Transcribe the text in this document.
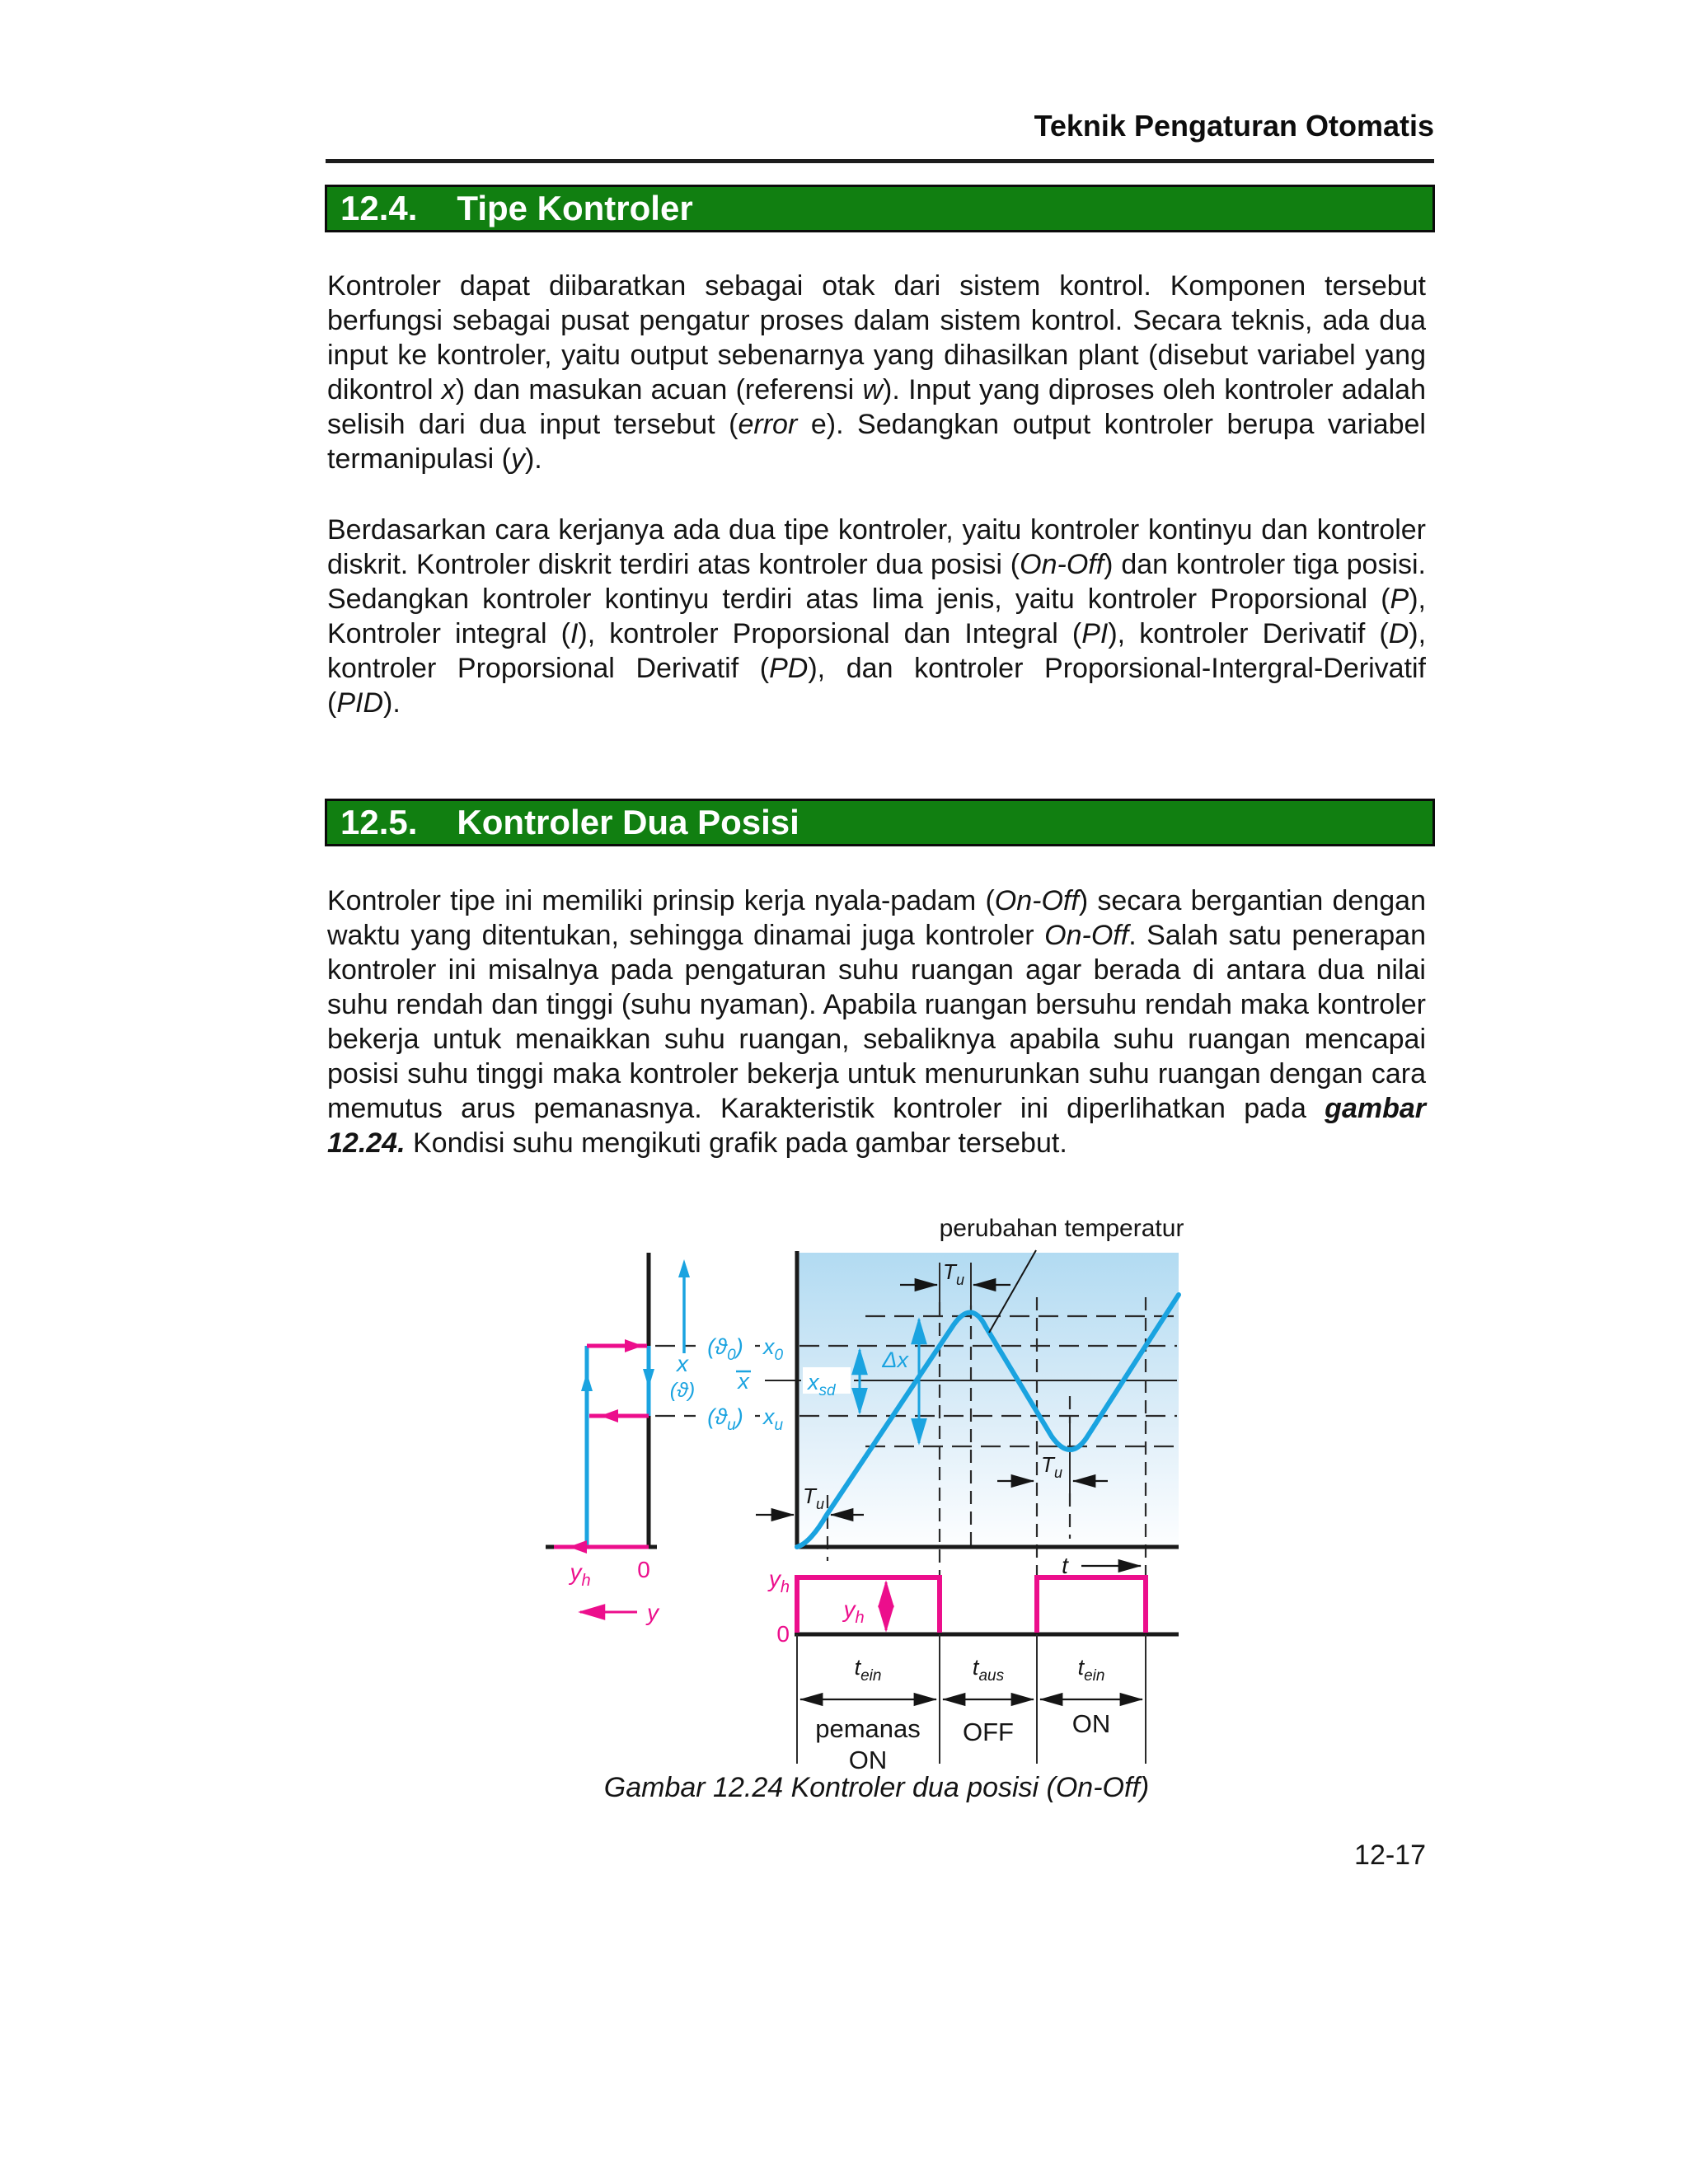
Teknik Pengaturan Otomatis
12.4. Tipe Kontroler

Kontroler dapat diibaratkan sebagai otak dari sistem kontrol. Komponen tersebut berfungsi sebagai pusat pengatur proses dalam sistem kontrol. Secara teknis, ada dua input ke kontroler, yaitu output sebenarnya yang dihasilkan plant (disebut variabel yang dikontrol x) dan masukan acuan (referensi w). Input yang diproses oleh kontroler adalah selisih dari dua input tersebut (error e). Sedangkan output kontroler berupa variabel termanipulasi (y).

Berdasarkan cara kerjanya ada dua tipe kontroler, yaitu kontroler kontinyu dan kontroler diskrit. Kontroler diskrit terdiri atas kontroler dua posisi (On-Off) dan kontroler tiga posisi. Sedangkan kontroler kontinyu terdiri atas lima jenis, yaitu kontroler Proporsional (P), Kontroler integral (I), kontroler Proporsional dan Integral (PI), kontroler Derivatif (D), kontroler Proporsional Derivatif (PD), dan kontroler Proporsional-Intergral-Derivatif (PID).

12.5. Kontroler Dua Posisi

Kontroler tipe ini memiliki prinsip kerja nyala-padam (On-Off) secara bergantian dengan waktu yang ditentukan, sehingga dinamai juga kontroler On-Off. Salah satu penerapan kontroler ini misalnya pada pengaturan suhu ruangan agar berada di antara dua nilai suhu rendah dan tinggi (suhu nyaman). Apabila ruangan bersuhu rendah maka kontroler bekerja untuk menaikkan suhu ruangan, sebaliknya apabila suhu ruangan mencapai posisi suhu tinggi maka kontroler bekerja untuk menurunkan suhu ruangan dengan cara memutus arus pemanasnya. Karakteristik kontroler ini diperlihatkan pada gambar 12.24. Kondisi suhu mengikuti grafik pada gambar tersebut.

perubahan temperatur
x
(ϑ)
$(ϑ_0)$ $x_0$
$(ϑ_u)$ $x_u$
x	$x_{sd}$
Δx
$T_u$
$T_u$
$T_u$
t
$y_h$ 0
y
$y_h$
0
$y_h$
$t_{ein}$	$t_{aus}$	$t_{ein}$
pemanas
ON
OFF ON
Gambar 12.24 Kontroler dua posisi (On-Off)
12-17
